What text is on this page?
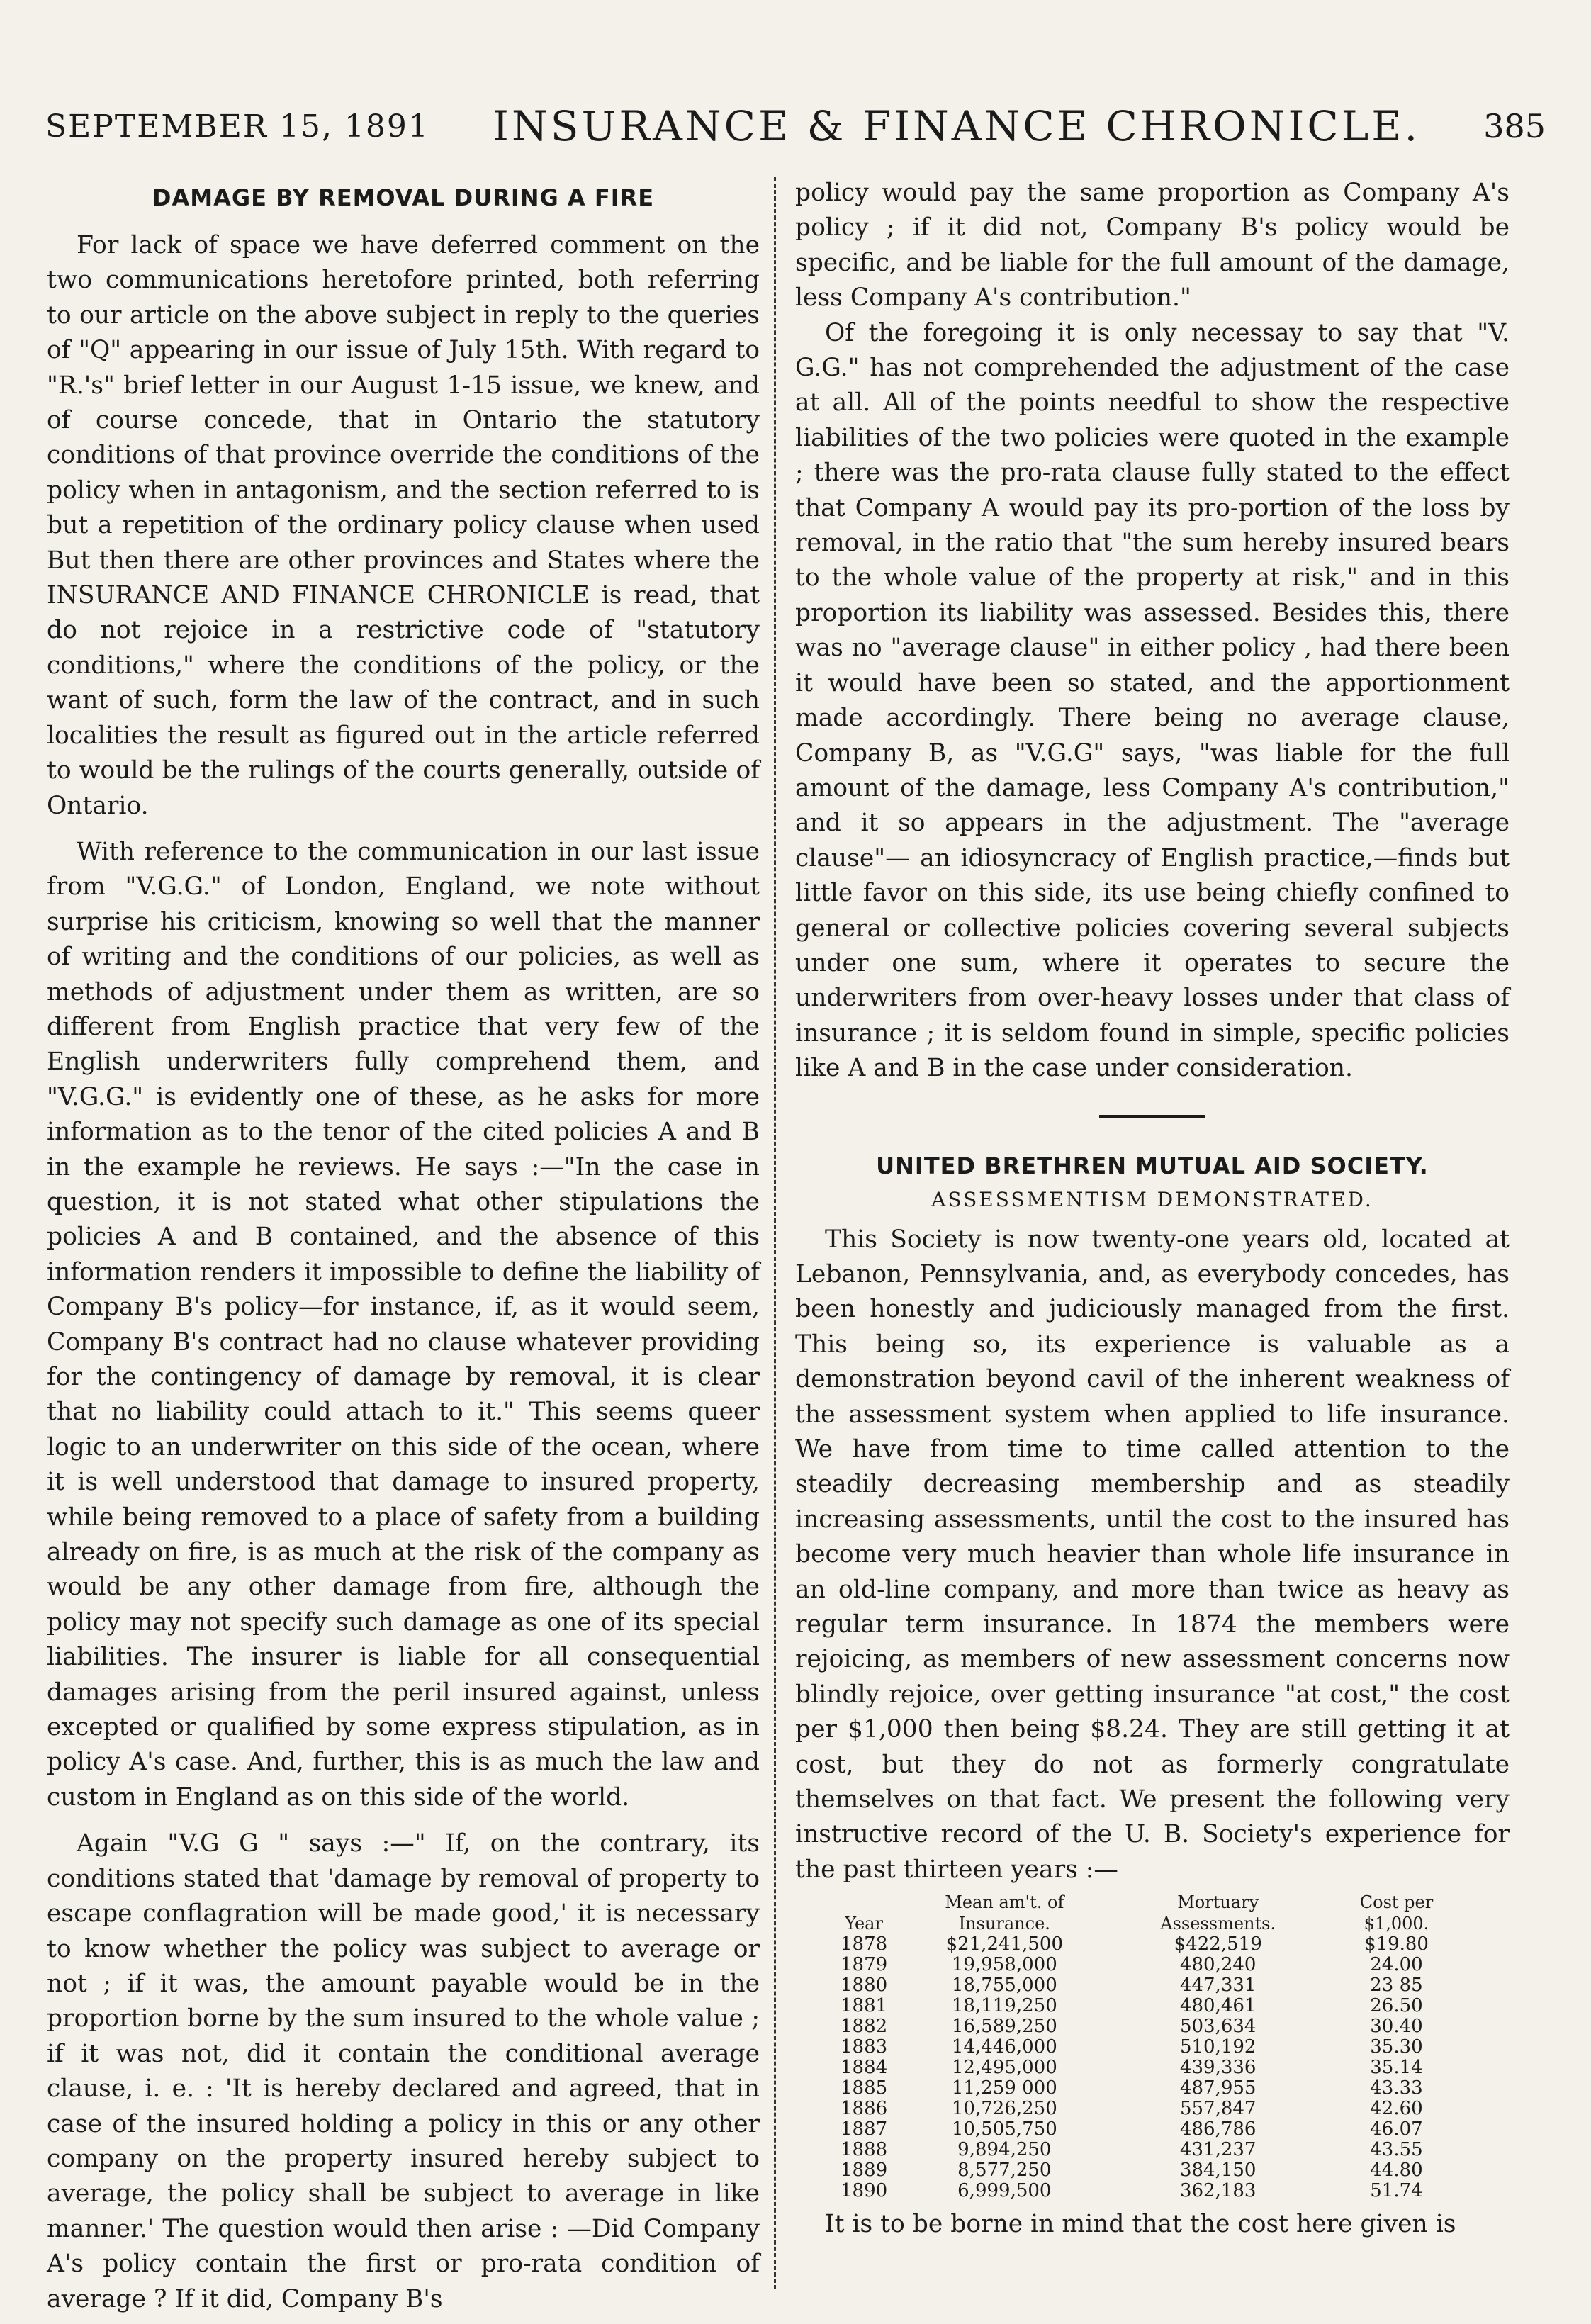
SEPTEMBER 15, 1891 INSURANCE & FINANCE CHRONICLE. 385
DAMAGE BY REMOVAL DURING A FIRE

For lack of space we have deferred comment on the two communications heretofore printed, both referring to our article on the above subject in reply to the queries of "Q" appearing in our issue of July 15th. With regard to "R.'s" brief letter in our August 1-15 issue, we knew, and of course concede, that in Ontario the statutory conditions of that province override the conditions of the policy when in antagonism, and the section referred to is but a repetition of the ordinary policy clause when used But then there are other provinces and States where the INSURANCE AND FINANCE CHRONICLE is read, that do not rejoice in a restrictive code of "statutory conditions," where the conditions of the policy, or the want of such, form the law of the contract, and in such localities the result as figured out in the article referred to would be the rulings of the courts generally, outside of Ontario.

With reference to the communication in our last issue from "V.G.G." of London, England, we note without surprise his criticism, knowing so well that the manner of writing and the conditions of our policies, as well as methods of adjustment under them as written, are so different from English practice that very few of the English underwriters fully comprehend them, and "V.G.G." is evidently one of these, as he asks for more information as to the tenor of the cited policies A and B in the example he reviews. He says :—"In the case in question, it is not stated what other stipulations the policies A and B contained, and the absence of this information renders it impossible to define the liability of Company B's policy—for instance, if, as it would seem, Company B's contract had no clause whatever providing for the contingency of damage by removal, it is clear that no liability could attach to it." This seems queer logic to an underwriter on this side of the ocean, where it is well understood that damage to insured property, while being removed to a place of safety from a building already on fire, is as much at the risk of the company as would be any other damage from fire, although the policy may not specify such damage as one of its special liabilities. The insurer is liable for all consequential damages arising from the peril insured against, unless excepted or qualified by some express stipulation, as in policy A's case. And, further, this is as much the law and custom in England as on this side of the world.

Again "V.G G " says :—" If, on the contrary, its conditions stated that 'damage by removal of property to escape conflagration will be made good,' it is necessary to know whether the policy was subject to average or not ; if it was, the amount payable would be in the proportion borne by the sum insured to the whole value ; if it was not, did it contain the conditional average clause, i. e. : 'It is hereby declared and agreed, that in case of the insured holding a policy in this or any other company on the property insured hereby subject to average, the policy shall be subject to average in like manner.' The question would then arise : —Did Company A's policy contain the first or pro-rata condition of average ? If it did, Company B's

policy would pay the same proportion as Company A's policy ; if it did not, Company B's policy would be specific, and be liable for the full amount of the damage, less Company A's contribution."

Of the foregoing it is only necessay to say that "V. G.G." has not comprehended the adjustment of the case at all. All of the points needful to show the respective liabilities of the two policies were quoted in the example ; there was the pro-rata clause fully stated to the effect that Company A would pay its pro-portion of the loss by removal, in the ratio that "the sum hereby insured bears to the whole value of the property at risk," and in this proportion its liability was assessed. Besides this, there was no "average clause" in either policy , had there been it would have been so stated, and the apportionment made accordingly. There being no average clause, Company B, as "V.G.G" says, "was liable for the full amount of the damage, less Company A's contribution," and it so appears in the adjustment. The "average clause"— an idiosyncracy of English practice,—finds but little favor on this side, its use being chiefly confined to general or collective policies covering several subjects under one sum, where it operates to secure the underwriters from over-heavy losses under that class of insurance ; it is seldom found in simple, specific policies like A and B in the case under consideration.

UNITED BRETHREN MUTUAL AID SOCIETY.
ASSESSMENTISM DEMONSTRATED.

This Society is now twenty-one years old, located at Lebanon, Pennsylvania, and, as everybody concedes, has been honestly and judiciously managed from the first. This being so, its experience is valuable as a demonstration beyond cavil of the inherent weakness of the assessment system when applied to life insurance. We have from time to time called attention to the steadily decreasing membership and as steadily increasing assessments, until the cost to the insured has become very much heavier than whole life insurance in an old-line company, and more than twice as heavy as regular term insurance. In 1874 the members were rejoicing, as members of new assessment concerns now blindly rejoice, over getting insurance "at cost," the cost per $1,000 then being $8.24. They are still getting it at cost, but they do not as formerly congratulate themselves on that fact. We present the following very instructive record of the U. B. Society's experience for the past thirteen years :—

Year	Mean am't. of Insurance.	Mortuary Assessments.	Cost per $1,000.
1878	$21,241,500	$422,519	$19.80
1879	19,958,000	480,240	24.00
1880	18,755,000	447,331	23 85
1881	18,119,250	480,461	26.50
1882	16,589,250	503,634	30.40
1883	14,446,000	510,192	35.30
1884	12,495,000	439,336	35.14
1885	11,259 000	487,955	43.33
1886	10,726,250	557,847	42.60
1887	10,505,750	486,786	46.07
1888	9,894,250	431,237	43.55
1889	8,577,250	384,150	44.80
1890	6,999,500	362,183	51.74

It is to be borne in mind that the cost here given is
